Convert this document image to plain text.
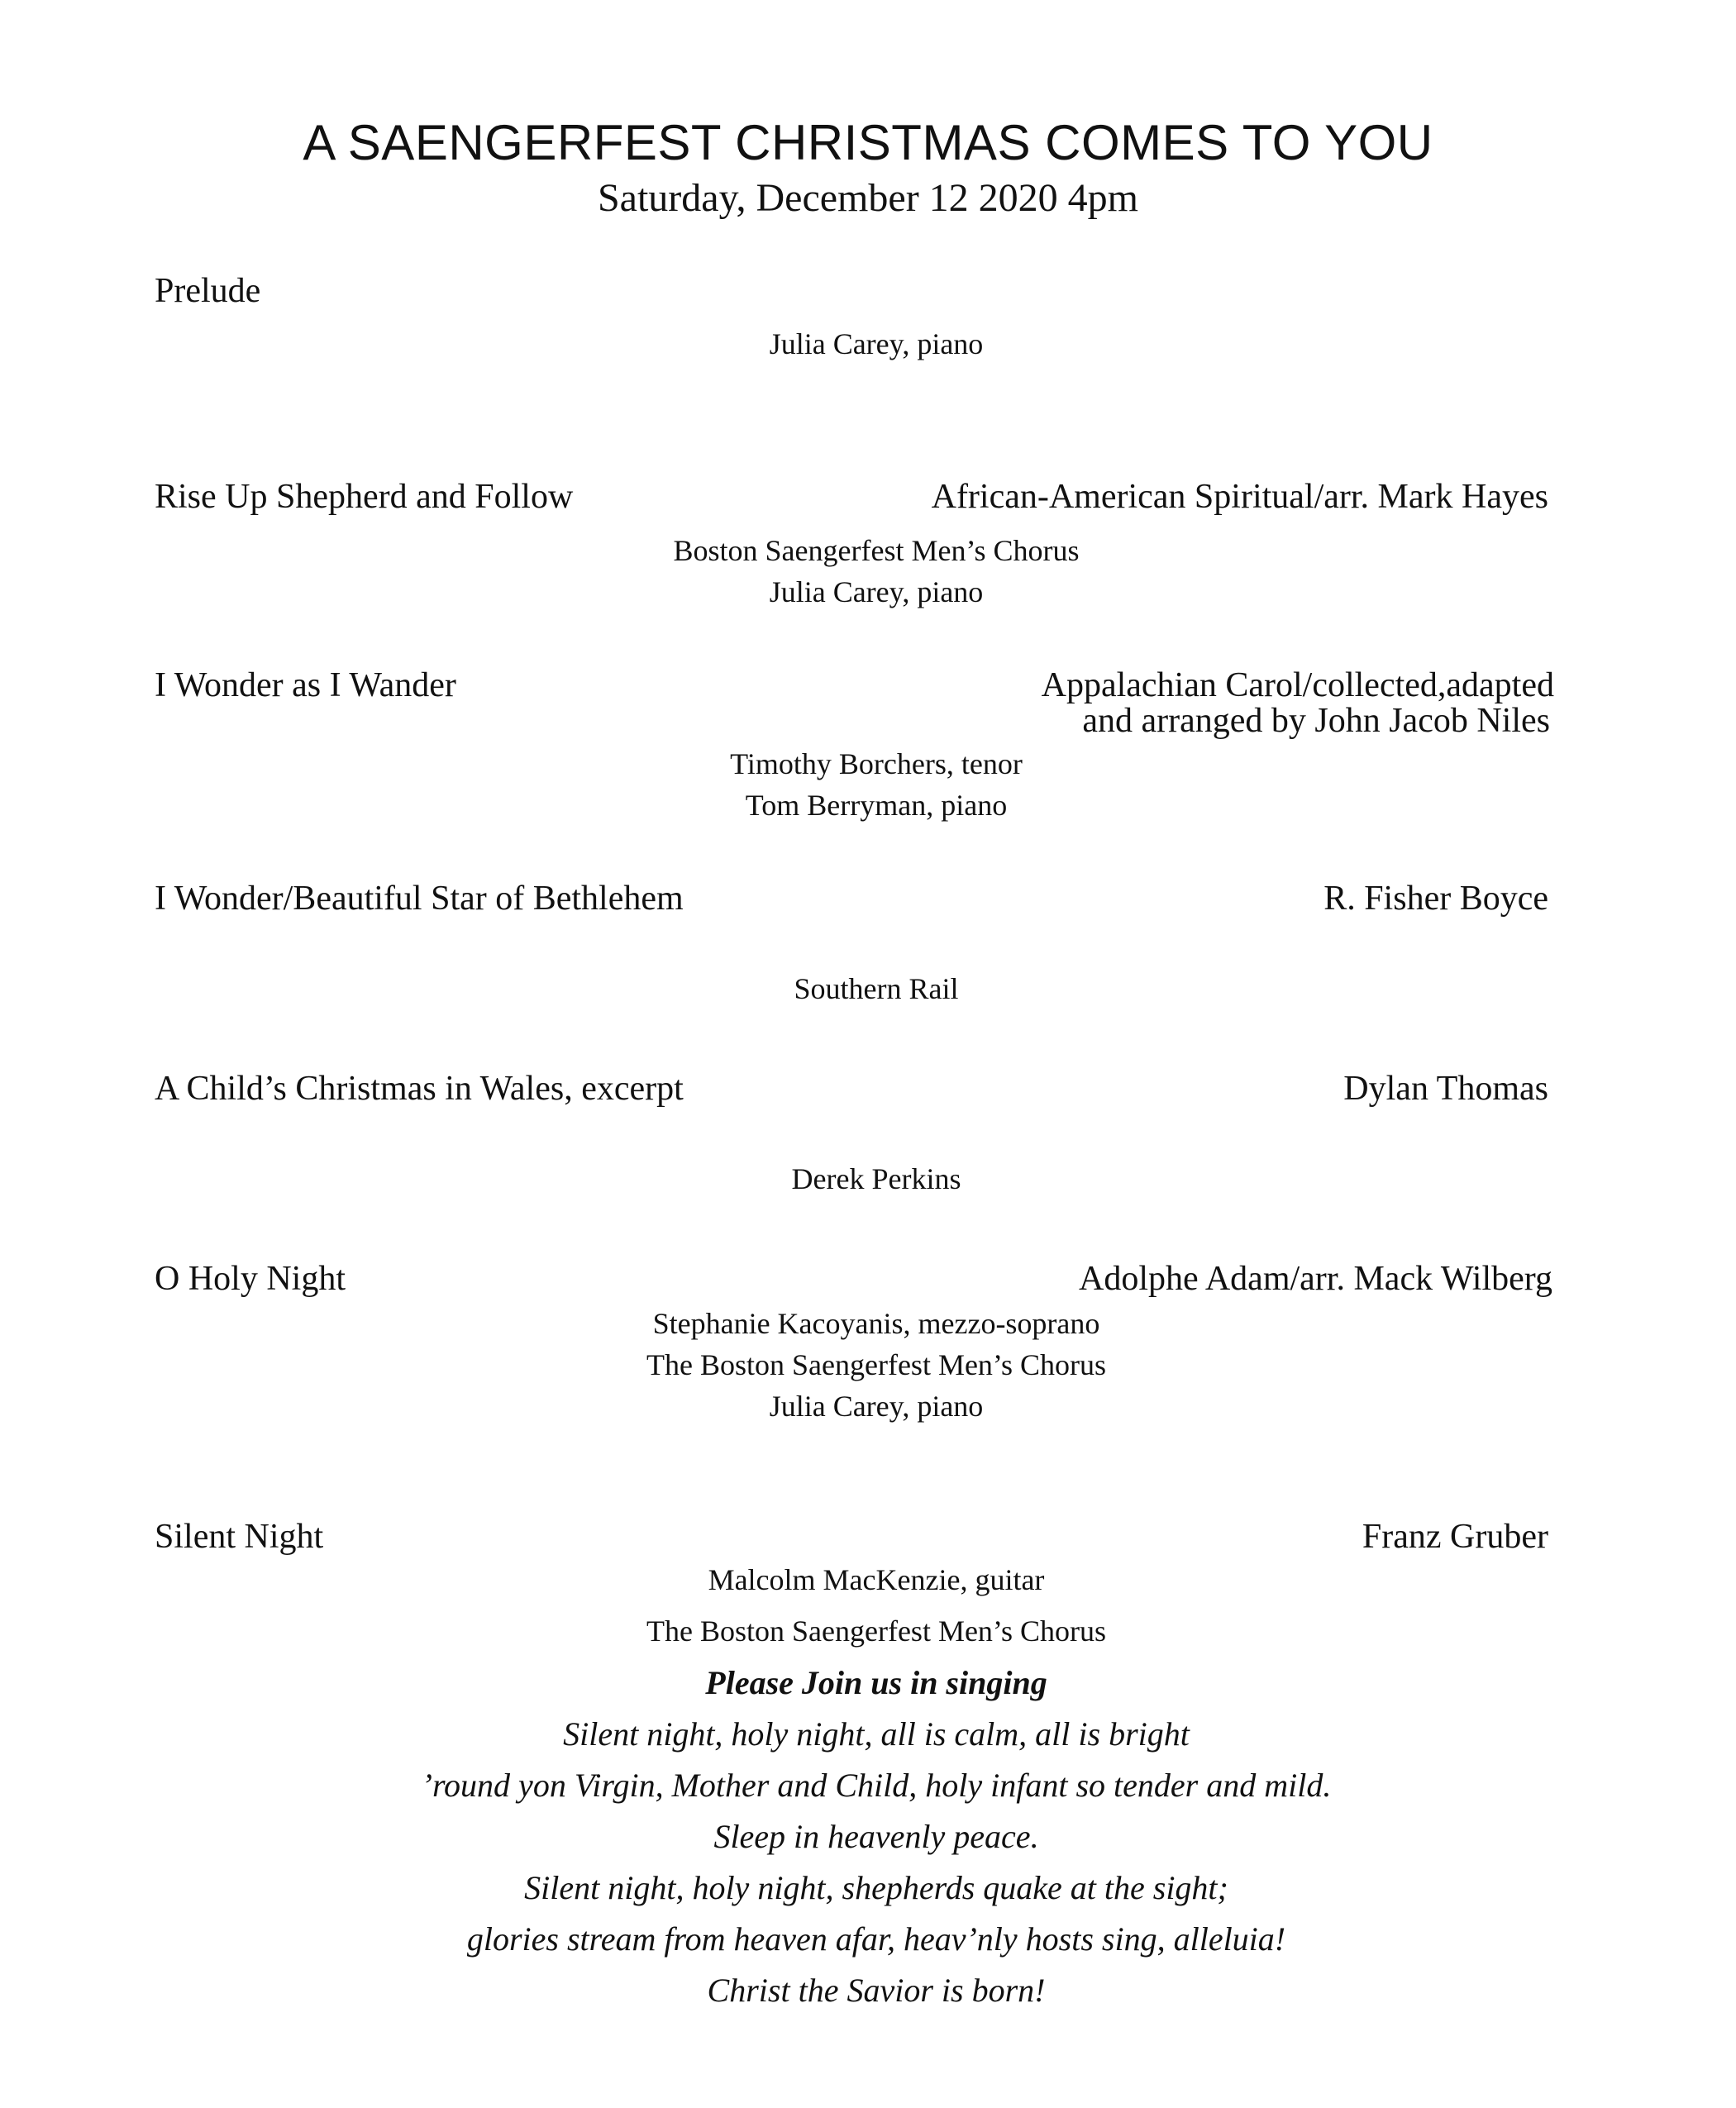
A SAENGERFEST CHRISTMAS COMES TO YOU
Saturday, December 12 2020 4pm
Prelude
Julia Carey, piano
Rise Up Shepherd and Follow	African-American Spiritual/arr. Mark Hayes
Boston Saengerfest Men’s Chorus
Julia Carey, piano
I Wonder as I Wander	Appalachian Carol/collected,adapted
and arranged by John Jacob Niles
Timothy Borchers, tenor
Tom Berryman, piano
I Wonder/Beautiful Star of Bethlehem	R. Fisher Boyce
Southern Rail
A Child’s Christmas in Wales, excerpt	Dylan Thomas
Derek Perkins
O Holy Night	Adolphe Adam/arr. Mack Wilberg
Stephanie Kacoyanis, mezzo-soprano
The Boston Saengerfest Men’s Chorus
Julia Carey, piano
Silent Night	Franz Gruber
Malcolm MacKenzie, guitar
The Boston Saengerfest Men’s Chorus
Please Join us in singing
Silent night, holy night, all is calm, all is bright
’round yon Virgin, Mother and Child, holy infant so tender and mild.
Sleep in heavenly peace.
Silent night, holy night, shepherds quake at the sight;
glories stream from heaven afar, heav’nly hosts sing, alleluia!
Christ the Savior is born!
